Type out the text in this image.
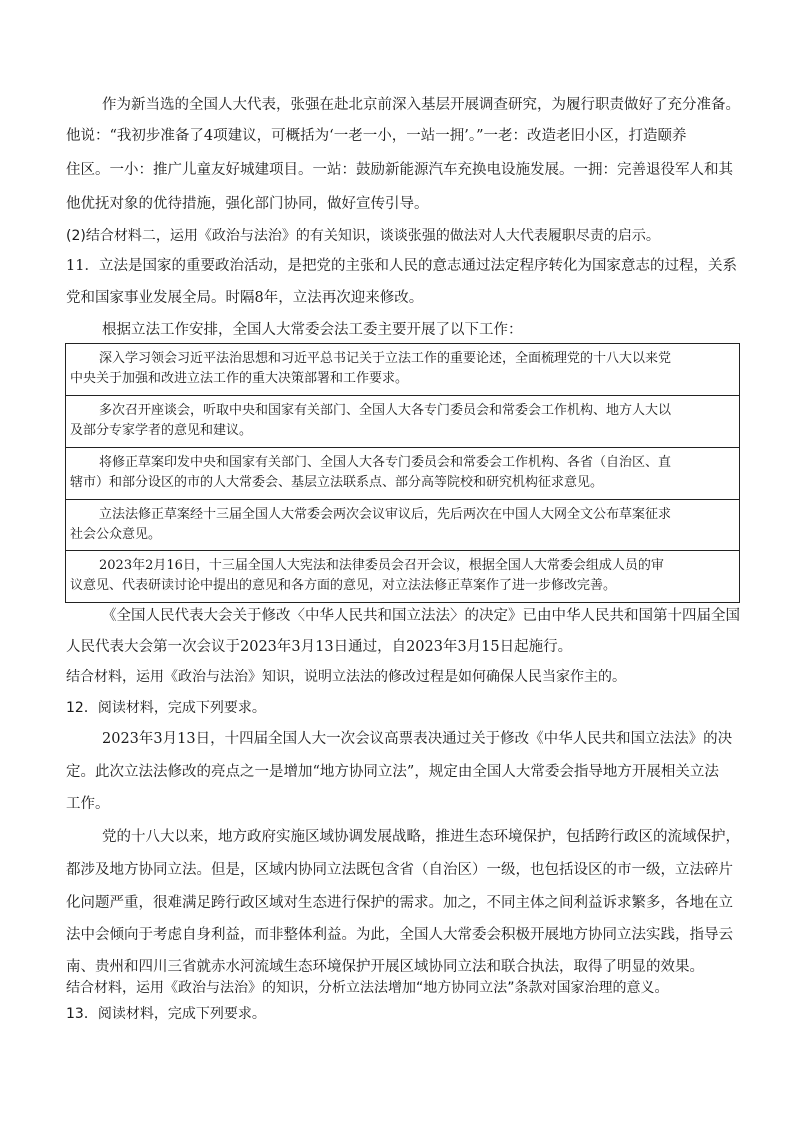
作为新当选的全国人大代表，张强在赴北京前深入基层开展调查研究，为履行职责做好了充分准备。
他说：“我初步准备了4项建议，可概括为‘一老一小，一站一拥’。”一老：改造老旧小区，打造颐养
住区。一小：推广儿童友好城建项目。一站：鼓励新能源汽车充换电设施发展。一拥：完善退役军人和其
他优抚对象的优待措施，强化部门协同，做好宣传引导。
(2)结合材料二，运用《政治与法治》的有关知识，谈谈张强的做法对人大代表履职尽责的启示。
11．立法是国家的重要政治活动，是把党的主张和人民的意志通过法定程序转化为国家意志的过程，关系
党和国家事业发展全局。时隔8年，立法再次迎来修改。
根据立法工作安排，全国人大常委会法工委主要开展了以下工作：
深入学习领会习近平法治思想和习近平总书记关于立法工作的重要论述，全面梳理党的十八大以来党
中央关于加强和改进立法工作的重大决策部署和工作要求。
多次召开座谈会，听取中央和国家有关部门、全国人大各专门委员会和常委会工作机构、地方人大以
及部分专家学者的意见和建议。
将修正草案印发中央和国家有关部门、全国人大各专门委员会和常委会工作机构、各省（自治区、直
辖市）和部分设区的市的人大常委会、基层立法联系点、部分高等院校和研究机构征求意见。
立法法修正草案经十三届全国人大常委会两次会议审议后，先后两次在中国人大网全文公布草案征求
社会公众意见。
2023年2月16日，十三届全国人大宪法和法律委员会召开会议，根据全国人大常委会组成人员的审
议意见、代表研读讨论中提出的意见和各方面的意见，对立法法修正草案作了进一步修改完善。
《全国人民代表大会关于修改〈中华人民共和国立法法〉的决定》已由中华人民共和国第十四届全国
人民代表大会第一次会议于2023年3月13日通过，自2023年3月15日起施行。
结合材料，运用《政治与法治》知识，说明立法法的修改过程是如何确保人民当家作主的。
12．阅读材料，完成下列要求。
2023年3月13日，十四届全国人大一次会议高票表决通过关于修改《中华人民共和国立法法》的决
定。此次立法法修改的亮点之一是增加“地方协同立法”，规定由全国人大常委会指导地方开展相关立法
工作。
党的十八大以来，地方政府实施区域协调发展战略，推进生态环境保护，包括跨行政区的流域保护，
都涉及地方协同立法。但是，区域内协同立法既包含省（自治区）一级，也包括设区的市一级，立法碎片
化问题严重，很难满足跨行政区域对生态进行保护的需求。加之，不同主体之间利益诉求繁多，各地在立
法中会倾向于考虑自身利益，而非整体利益。为此，全国人大常委会积极开展地方协同立法实践，指导云
南、贵州和四川三省就赤水河流域生态环境保护开展区域协同立法和联合执法，取得了明显的效果。
结合材料，运用《政治与法治》的知识，分析立法法增加“地方协同立法”条款对国家治理的意义。
13．阅读材料，完成下列要求。
